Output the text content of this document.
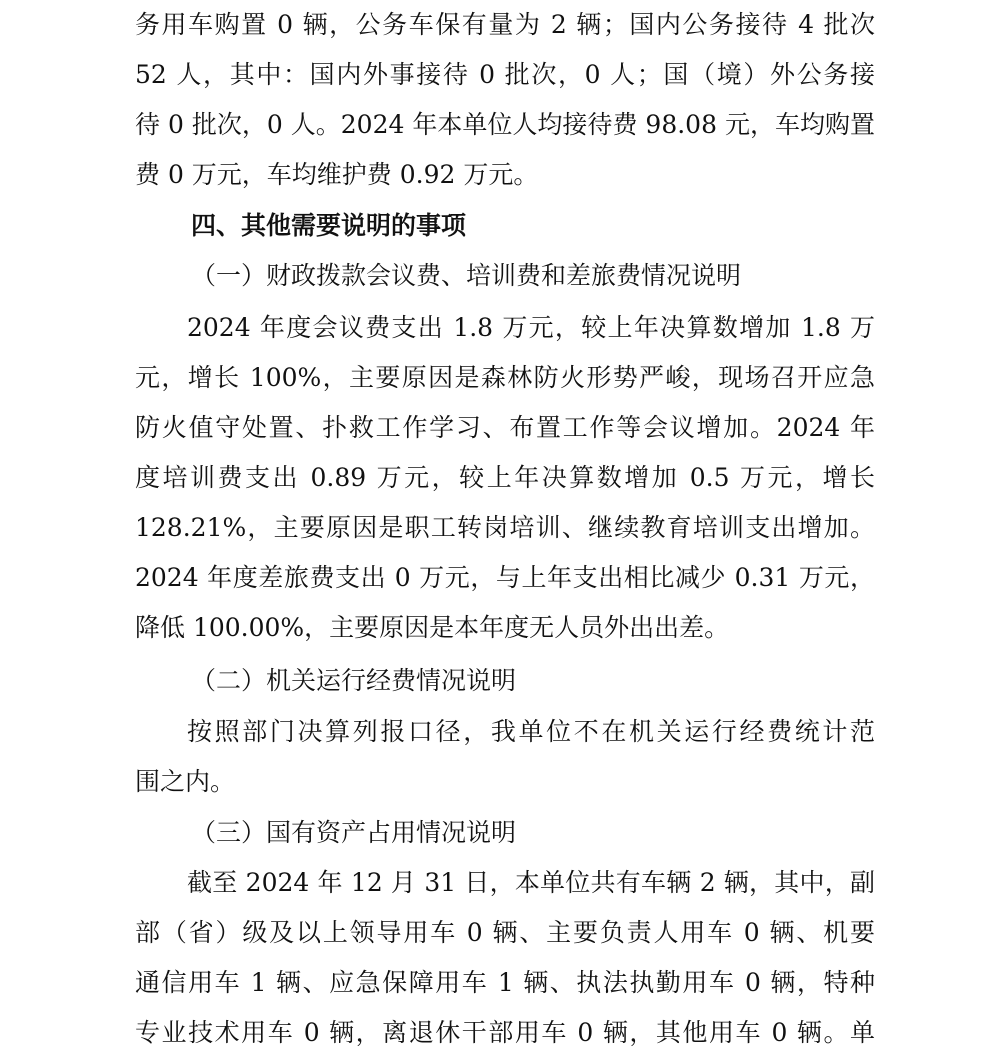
务用车购置 0 辆，公务车保有量为 2 辆；国内公务接待 4 批次
52 人，其中：国内外事接待 0 批次，0 人；国（境）外公务接
待 0 批次，0 人。2024 年本单位人均接待费 98.08 元，车均购置
费 0 万元，车均维护费 0.92 万元。
四、其他需要说明的事项
（一）财政拨款会议费、培训费和差旅费情况说明
2024 年度会议费支出 1.8 万元，较上年决算数增加 1.8 万
元，增长 100%，主要原因是森林防火形势严峻，现场召开应急
防火值守处置、扑救工作学习、布置工作等会议增加。2024 年
度培训费支出 0.89 万元，较上年决算数增加 0.5 万元，增长
128.21%，主要原因是职工转岗培训、继续教育培训支出增加。
2024 年度差旅费支出 0 万元，与上年支出相比减少 0.31 万元，
降低 100.00%，主要原因是本年度无人员外出出差。
（二）机关运行经费情况说明
按照部门决算列报口径，我单位不在机关运行经费统计范
围之内。
（三）国有资产占用情况说明
截至 2024 年 12 月 31 日，本单位共有车辆 2 辆，其中，副
部（省）级及以上领导用车 0 辆、主要负责人用车 0 辆、机要
通信用车 1 辆、应急保障用车 1 辆、执法执勤用车 0 辆，特种
专业技术用车 0 辆，离退休干部用车 0 辆，其他用车 0 辆。单
